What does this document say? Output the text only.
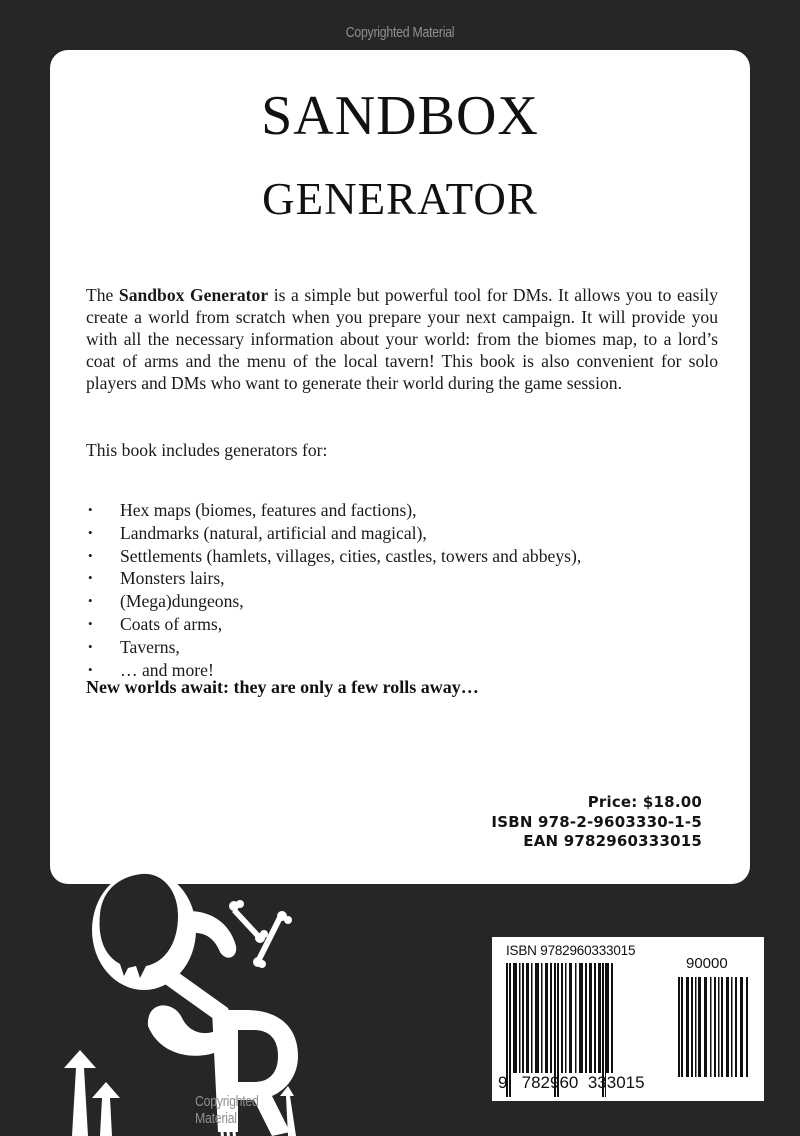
Copyrighted Material
SANDBOX
GENERATOR
The Sandbox Generator is a simple but powerful tool for DMs. It allows you to easily create a world from scratch when you prepare your next campaign. It will provide you with all the necessary information about your world: from the biomes map, to a lord’s coat of arms and the menu of the local tavern! This book is also convenient for solo players and DMs who want to generate their world during the game session.
This book includes generators for:
• Hex maps (biomes, features and factions),
• Landmarks (natural, artificial and magical),
• Settlements (hamlets, villages, cities, castles, towers and abbeys),
• Monsters lairs,
• (Mega)dungeons,
• Coats of arms,
• Taverns,
• … and more!
New worlds await: they are only a few rolls away…
Price: $18.00
ISBN 978-2-9603330-1-5
EAN 9782960333015
Copyrighted Material
ISBN 9782960333015
90000
9 782960 333015
